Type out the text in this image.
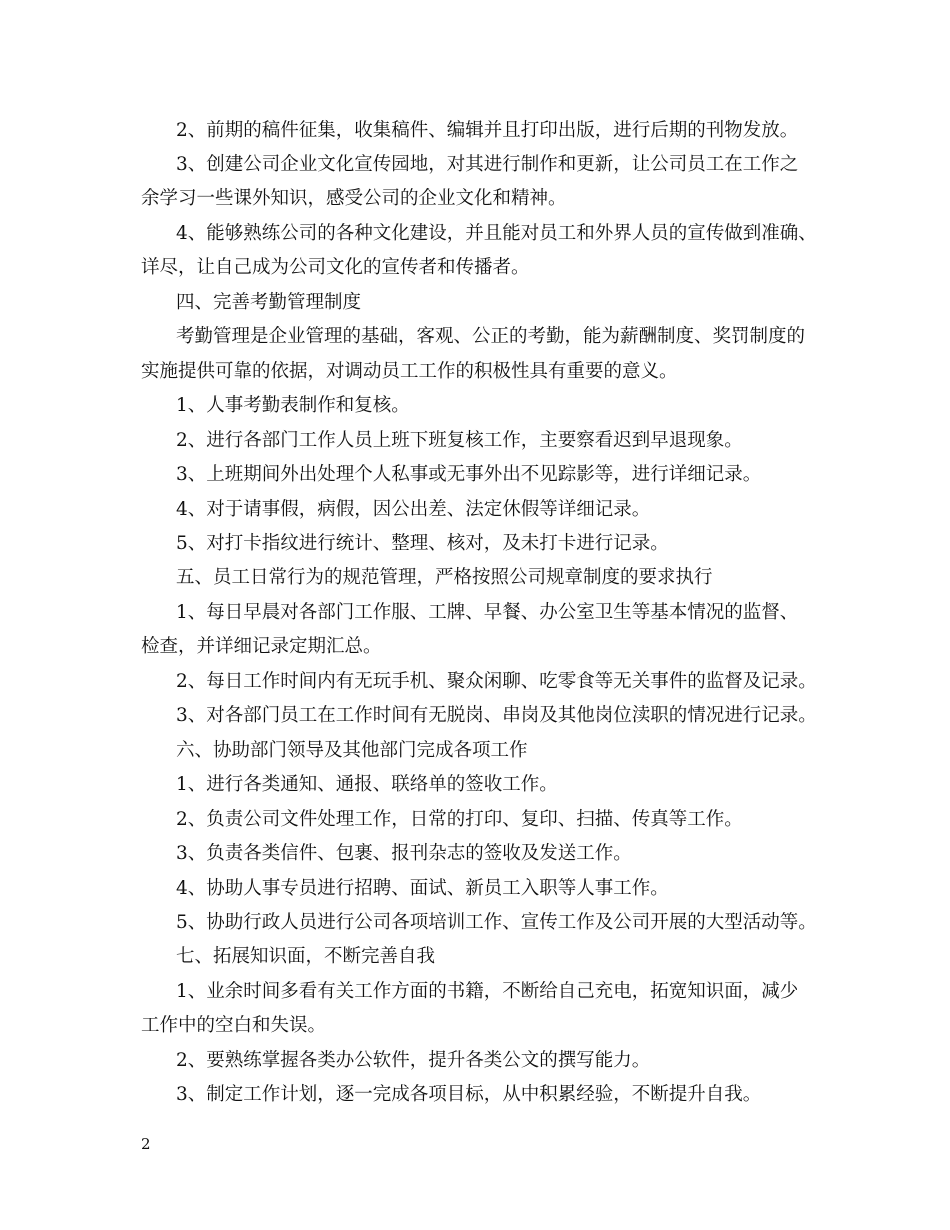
2、前期的稿件征集，收集稿件、编辑并且打印出版，进行后期的刊物发放。
3、创建公司企业文化宣传园地，对其进行制作和更新，让公司员工在工作之
余学习一些课外知识，感受公司的企业文化和精神。
4、能够熟练公司的各种文化建设，并且能对员工和外界人员的宣传做到准确、
详尽，让自己成为公司文化的宣传者和传播者。
四、完善考勤管理制度
考勤管理是企业管理的基础，客观、公正的考勤，能为薪酬制度、奖罚制度的
实施提供可靠的依据，对调动员工工作的积极性具有重要的意义。
1、人事考勤表制作和复核。
2、进行各部门工作人员上班下班复核工作，主要察看迟到早退现象。
3、上班期间外出处理个人私事或无事外出不见踪影等，进行详细记录。
4、对于请事假，病假，因公出差、法定休假等详细记录。
5、对打卡指纹进行统计、整理、核对，及未打卡进行记录。
五、员工日常行为的规范管理，严格按照公司规章制度的要求执行
1、每日早晨对各部门工作服、工牌、早餐、办公室卫生等基本情况的监督、
检查，并详细记录定期汇总。
2、每日工作时间内有无玩手机、聚众闲聊、吃零食等无关事件的监督及记录。
3、对各部门员工在工作时间有无脱岗、串岗及其他岗位渎职的情况进行记录。
六、协助部门领导及其他部门完成各项工作
1、进行各类通知、通报、联络单的签收工作。
2、负责公司文件处理工作，日常的打印、复印、扫描、传真等工作。
3、负责各类信件、包裹、报刊杂志的签收及发送工作。
4、协助人事专员进行招聘、面试、新员工入职等人事工作。
5、协助行政人员进行公司各项培训工作、宣传工作及公司开展的大型活动等。
七、拓展知识面，不断完善自我
1、业余时间多看有关工作方面的书籍，不断给自己充电，拓宽知识面，减少
工作中的空白和失误。
2、要熟练掌握各类办公软件，提升各类公文的撰写能力。
3、制定工作计划，逐一完成各项目标，从中积累经验，不断提升自我。
2
